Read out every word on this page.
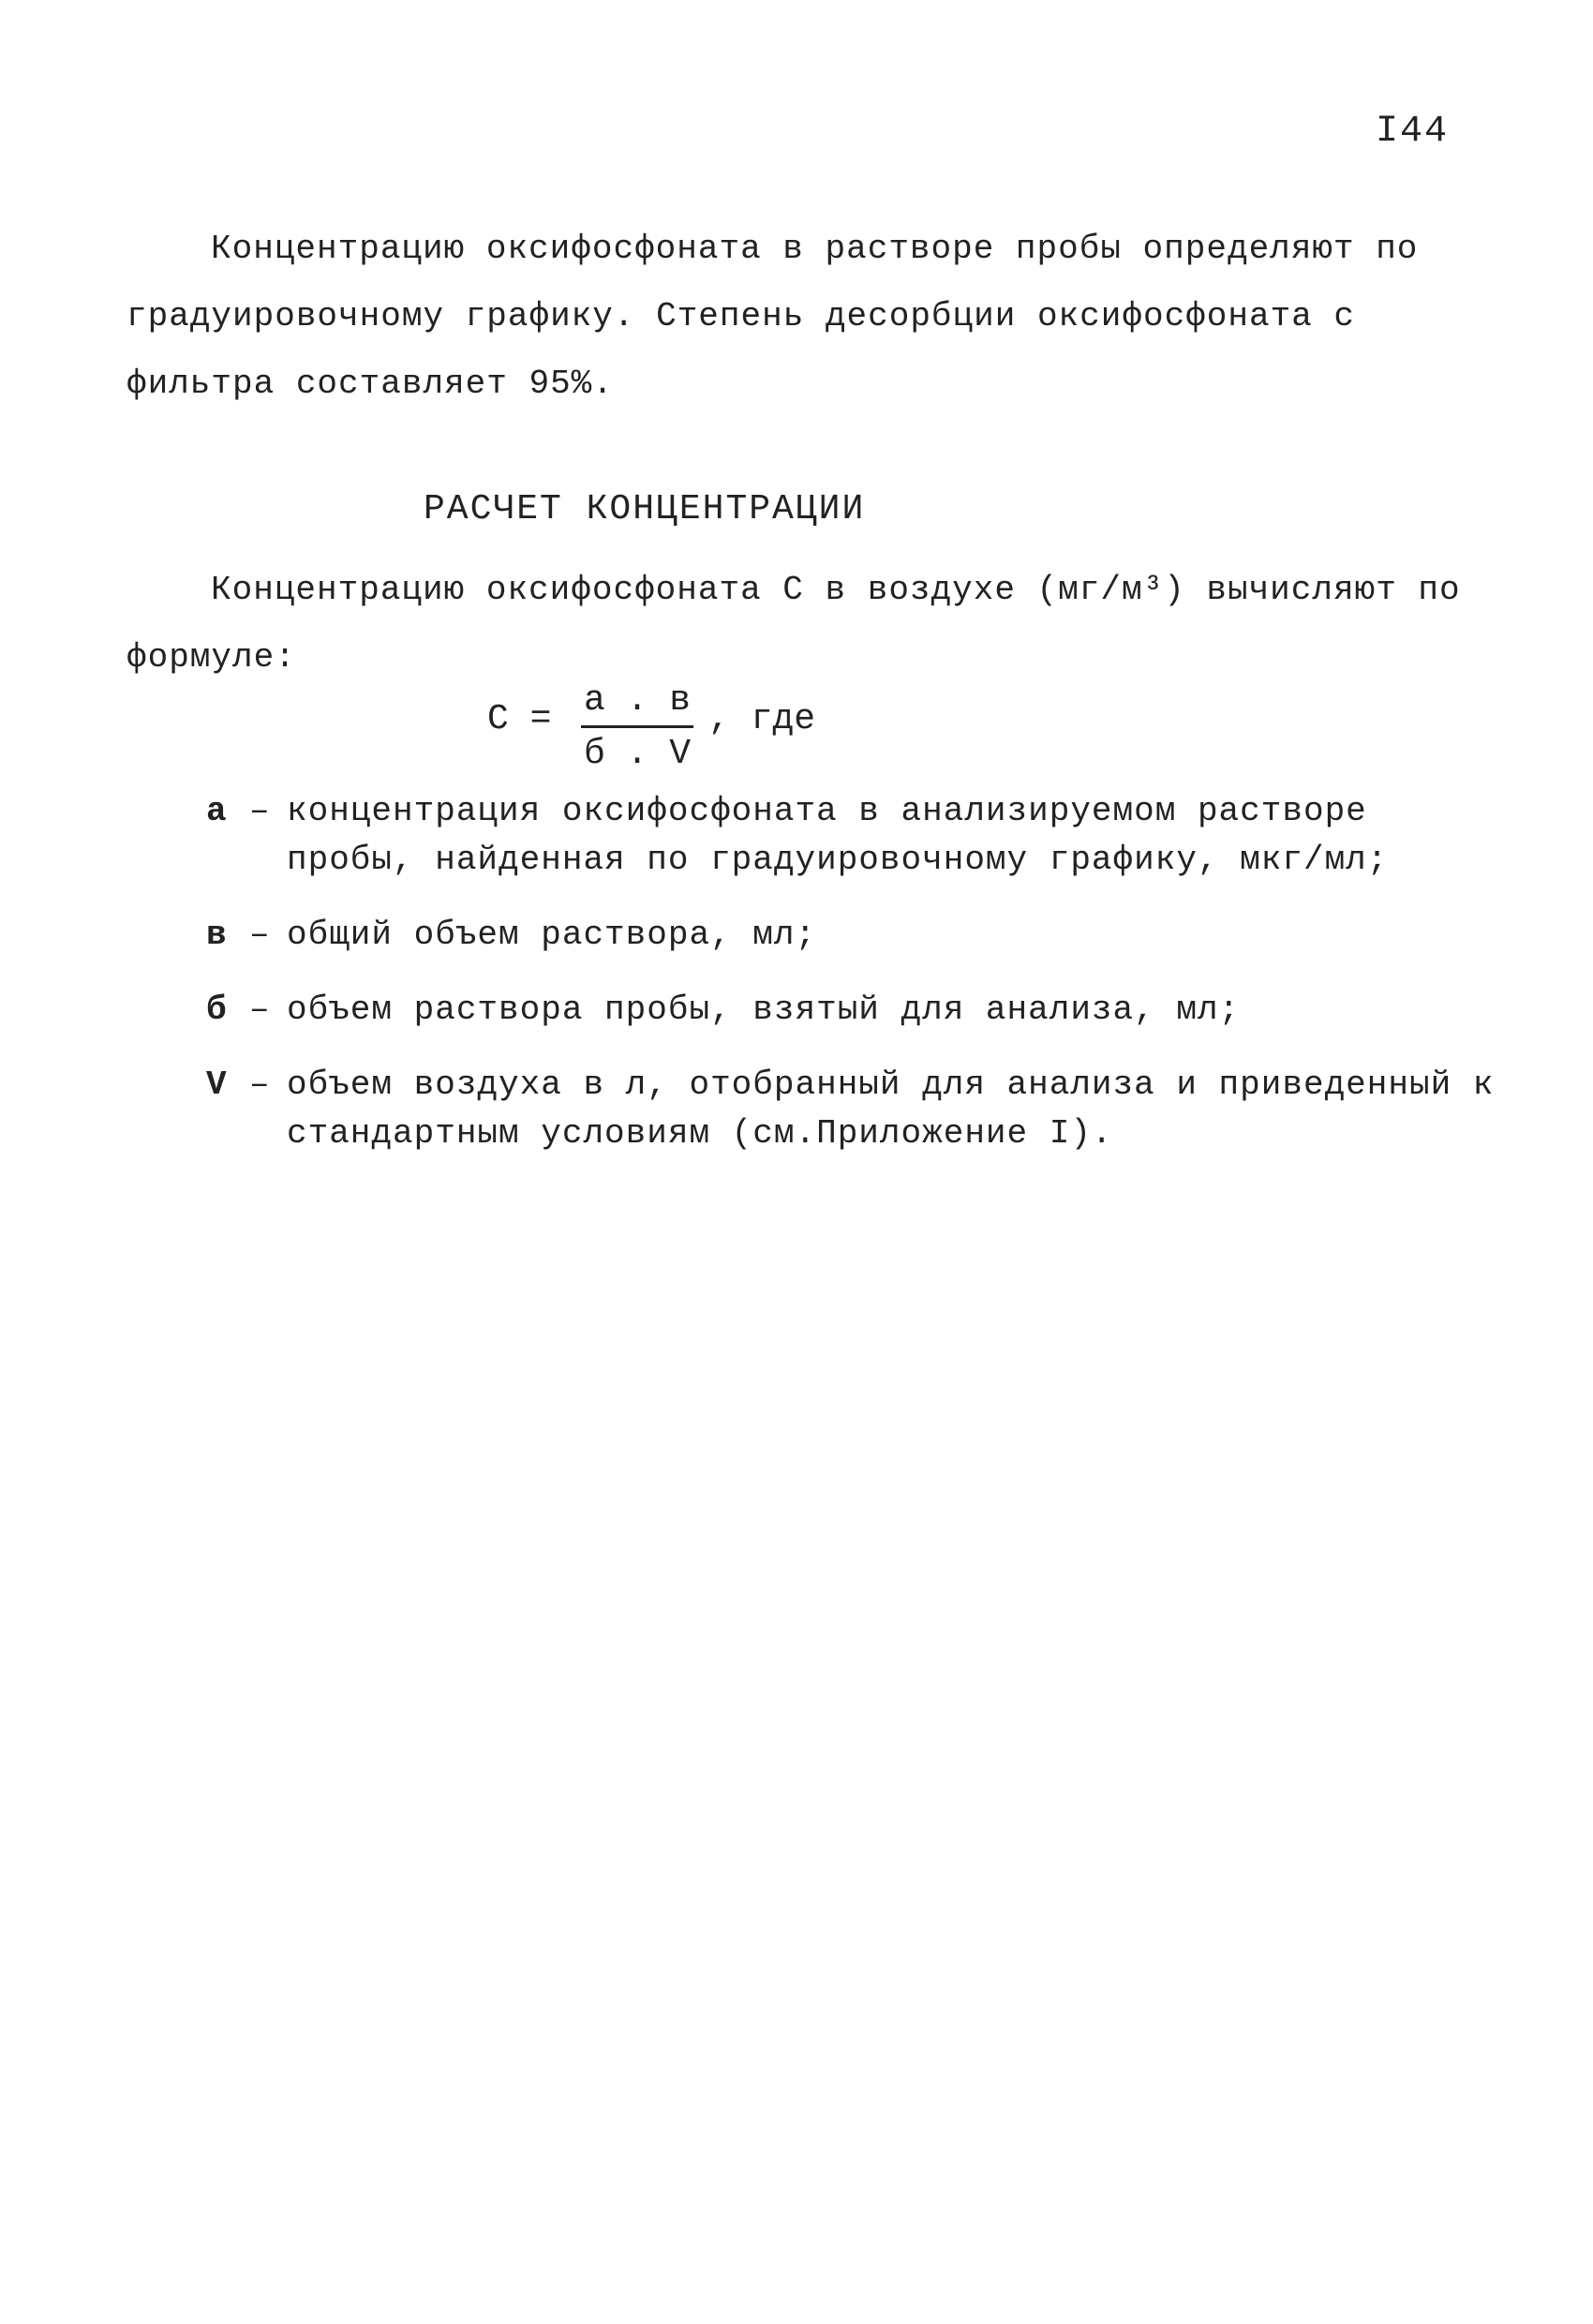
I44
Концентрацию оксифосфоната в растворе пробы определяют по градуировочному графику. Степень десорбции оксифосфоната с фильтра составляет 95%.
РАСЧЕТ КОНЦЕНТРАЦИИ
Концентрацию оксифосфоната С в воздухе (мг/м³) вычисляют по формуле:
С = а . в
б . V
, где
а – концентрация оксифосфоната в анализируемом растворе пробы, найденная по градуировочному графику, мкг/мл;
в – общий объем раствора, мл;
б – объем раствора пробы, взятый для анализа, мл;
V – объем воздуха в л, отобранный для анализа и приведенный к стандартным условиям (см.Приложение I).
